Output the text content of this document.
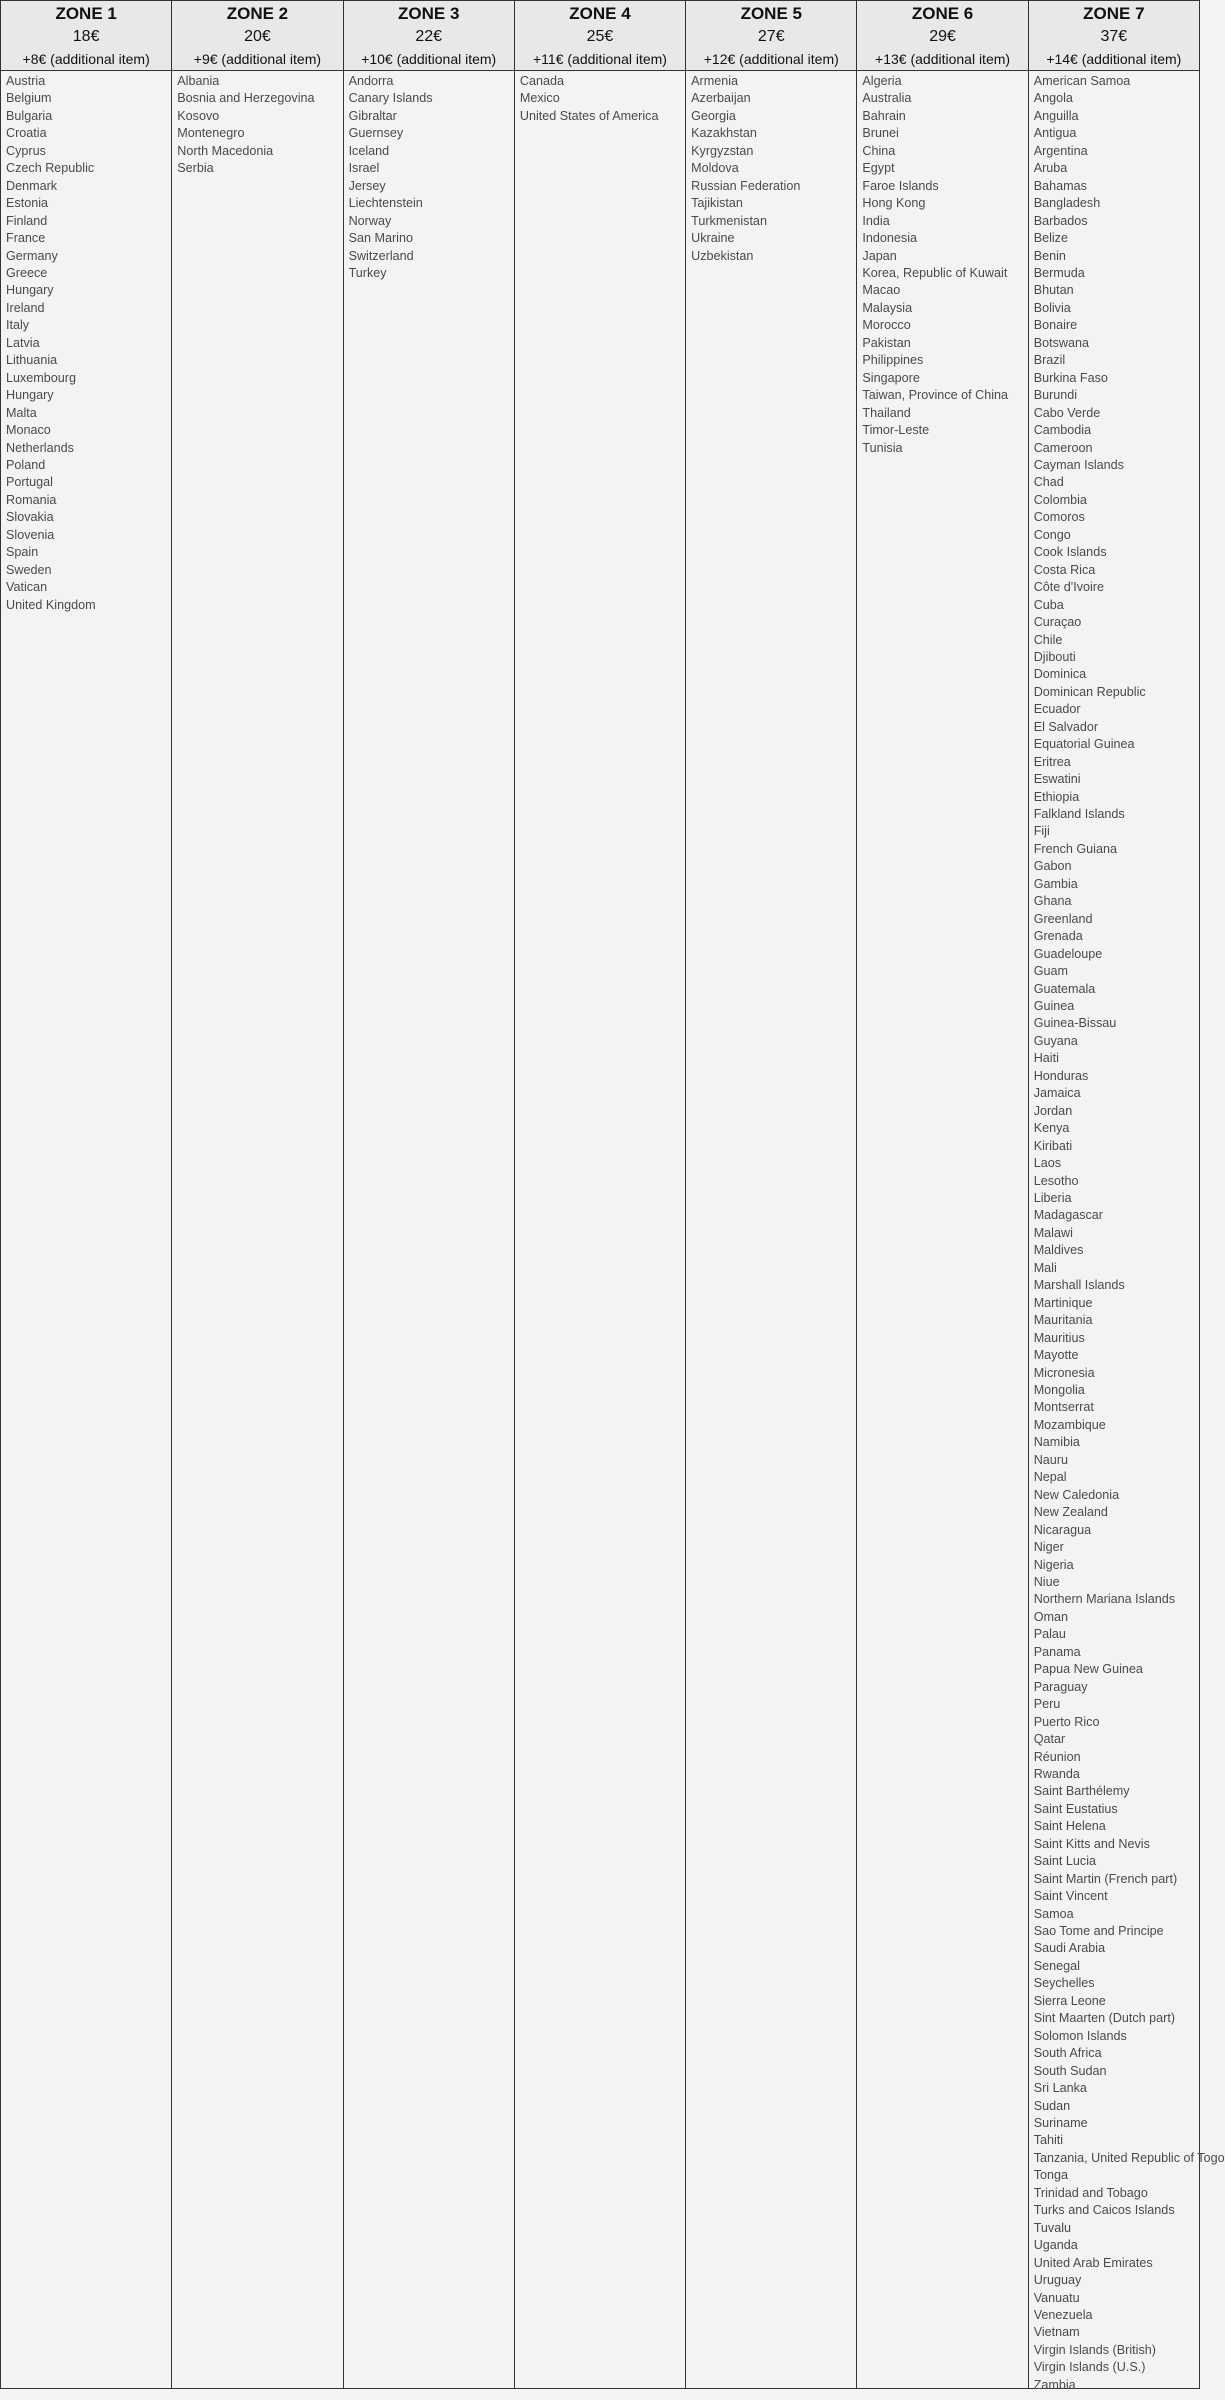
ZONE 1
18€
+8€ (additional item)
Austria
Belgium
Bulgaria
Croatia
Cyprus
Czech Republic
Denmark
Estonia
Finland
France
Germany
Greece
Hungary
Ireland
Italy
Latvia
Lithuania
Luxembourg
Hungary
Malta
Monaco
Netherlands
Poland
Portugal
Romania
Slovakia
Slovenia
Spain
Sweden
Vatican
United Kingdom
ZONE 2
20€
+9€ (additional item)
Albania
Bosnia and Herzegovina
Kosovo
Montenegro
North Macedonia
Serbia
ZONE 3
22€
+10€ (additional item)
Andorra
Canary Islands
Gibraltar
Guernsey
Iceland
Israel
Jersey
Liechtenstein
Norway
San Marino
Switzerland
Turkey
ZONE 4
25€
+11€ (additional item)
Canada
Mexico
United States of America
ZONE 5
27€
+12€ (additional item)
Armenia
Azerbaijan
Georgia
Kazakhstan
Kyrgyzstan
Moldova
Russian Federation
Tajikistan
Turkmenistan
Ukraine
Uzbekistan
ZONE 6
29€
+13€ (additional item)
Algeria
Australia
Bahrain
Brunei
China
Egypt
Faroe Islands
Hong Kong
India
Indonesia
Japan
Korea, Republic of Kuwait
Macao
Malaysia
Morocco
Pakistan
Philippines
Singapore
Taiwan, Province of China
Thailand
Timor-Leste
Tunisia
ZONE 7
37€
+14€ (additional item)
American Samoa
Angola
Anguilla
Antigua
Argentina
Aruba
Bahamas
Bangladesh
Barbados
Belize
Benin
Bermuda
Bhutan
Bolivia
Bonaire
Botswana
Brazil
Burkina Faso
Burundi
Cabo Verde
Cambodia
Cameroon
Cayman Islands
Chad
Colombia
Comoros
Congo
Cook Islands
Costa Rica
Côte d'Ivoire
Cuba
Curaçao
Chile
Djibouti
Dominica
Dominican Republic
Ecuador
El Salvador
Equatorial Guinea
Eritrea
Eswatini
Ethiopia
Falkland Islands
Fiji
French Guiana
Gabon
Gambia
Ghana
Greenland
Grenada
Guadeloupe
Guam
Guatemala
Guinea
Guinea-Bissau
Guyana
Haiti
Honduras
Jamaica
Jordan
Kenya
Kiribati
Laos
Lesotho
Liberia
Madagascar
Malawi
Maldives
Mali
Marshall Islands
Martinique
Mauritania
Mauritius
Mayotte
Micronesia
Mongolia
Montserrat
Mozambique
Namibia
Nauru
Nepal
New Caledonia
New Zealand
Nicaragua
Niger
Nigeria
Niue
Northern Mariana Islands
Oman
Palau
Panama
Papua New Guinea
Paraguay
Peru
Puerto Rico
Qatar
Réunion
Rwanda
Saint Barthélemy
Saint Eustatius
Saint Helena
Saint Kitts and Nevis
Saint Lucia
Saint Martin (French part)
Saint Vincent
Samoa
Sao Tome and Principe
Saudi Arabia
Senegal
Seychelles
Sierra Leone
Sint Maarten (Dutch part)
Solomon Islands
South Africa
South Sudan
Sri Lanka
Sudan
Suriname
Tahiti
Tanzania, United Republic of Togo
Tonga
Trinidad and Tobago
Turks and Caicos Islands
Tuvalu
Uganda
United Arab Emirates
Uruguay
Vanuatu
Venezuela
Vietnam
Virgin Islands (British)
Virgin Islands (U.S.)
Zambia
